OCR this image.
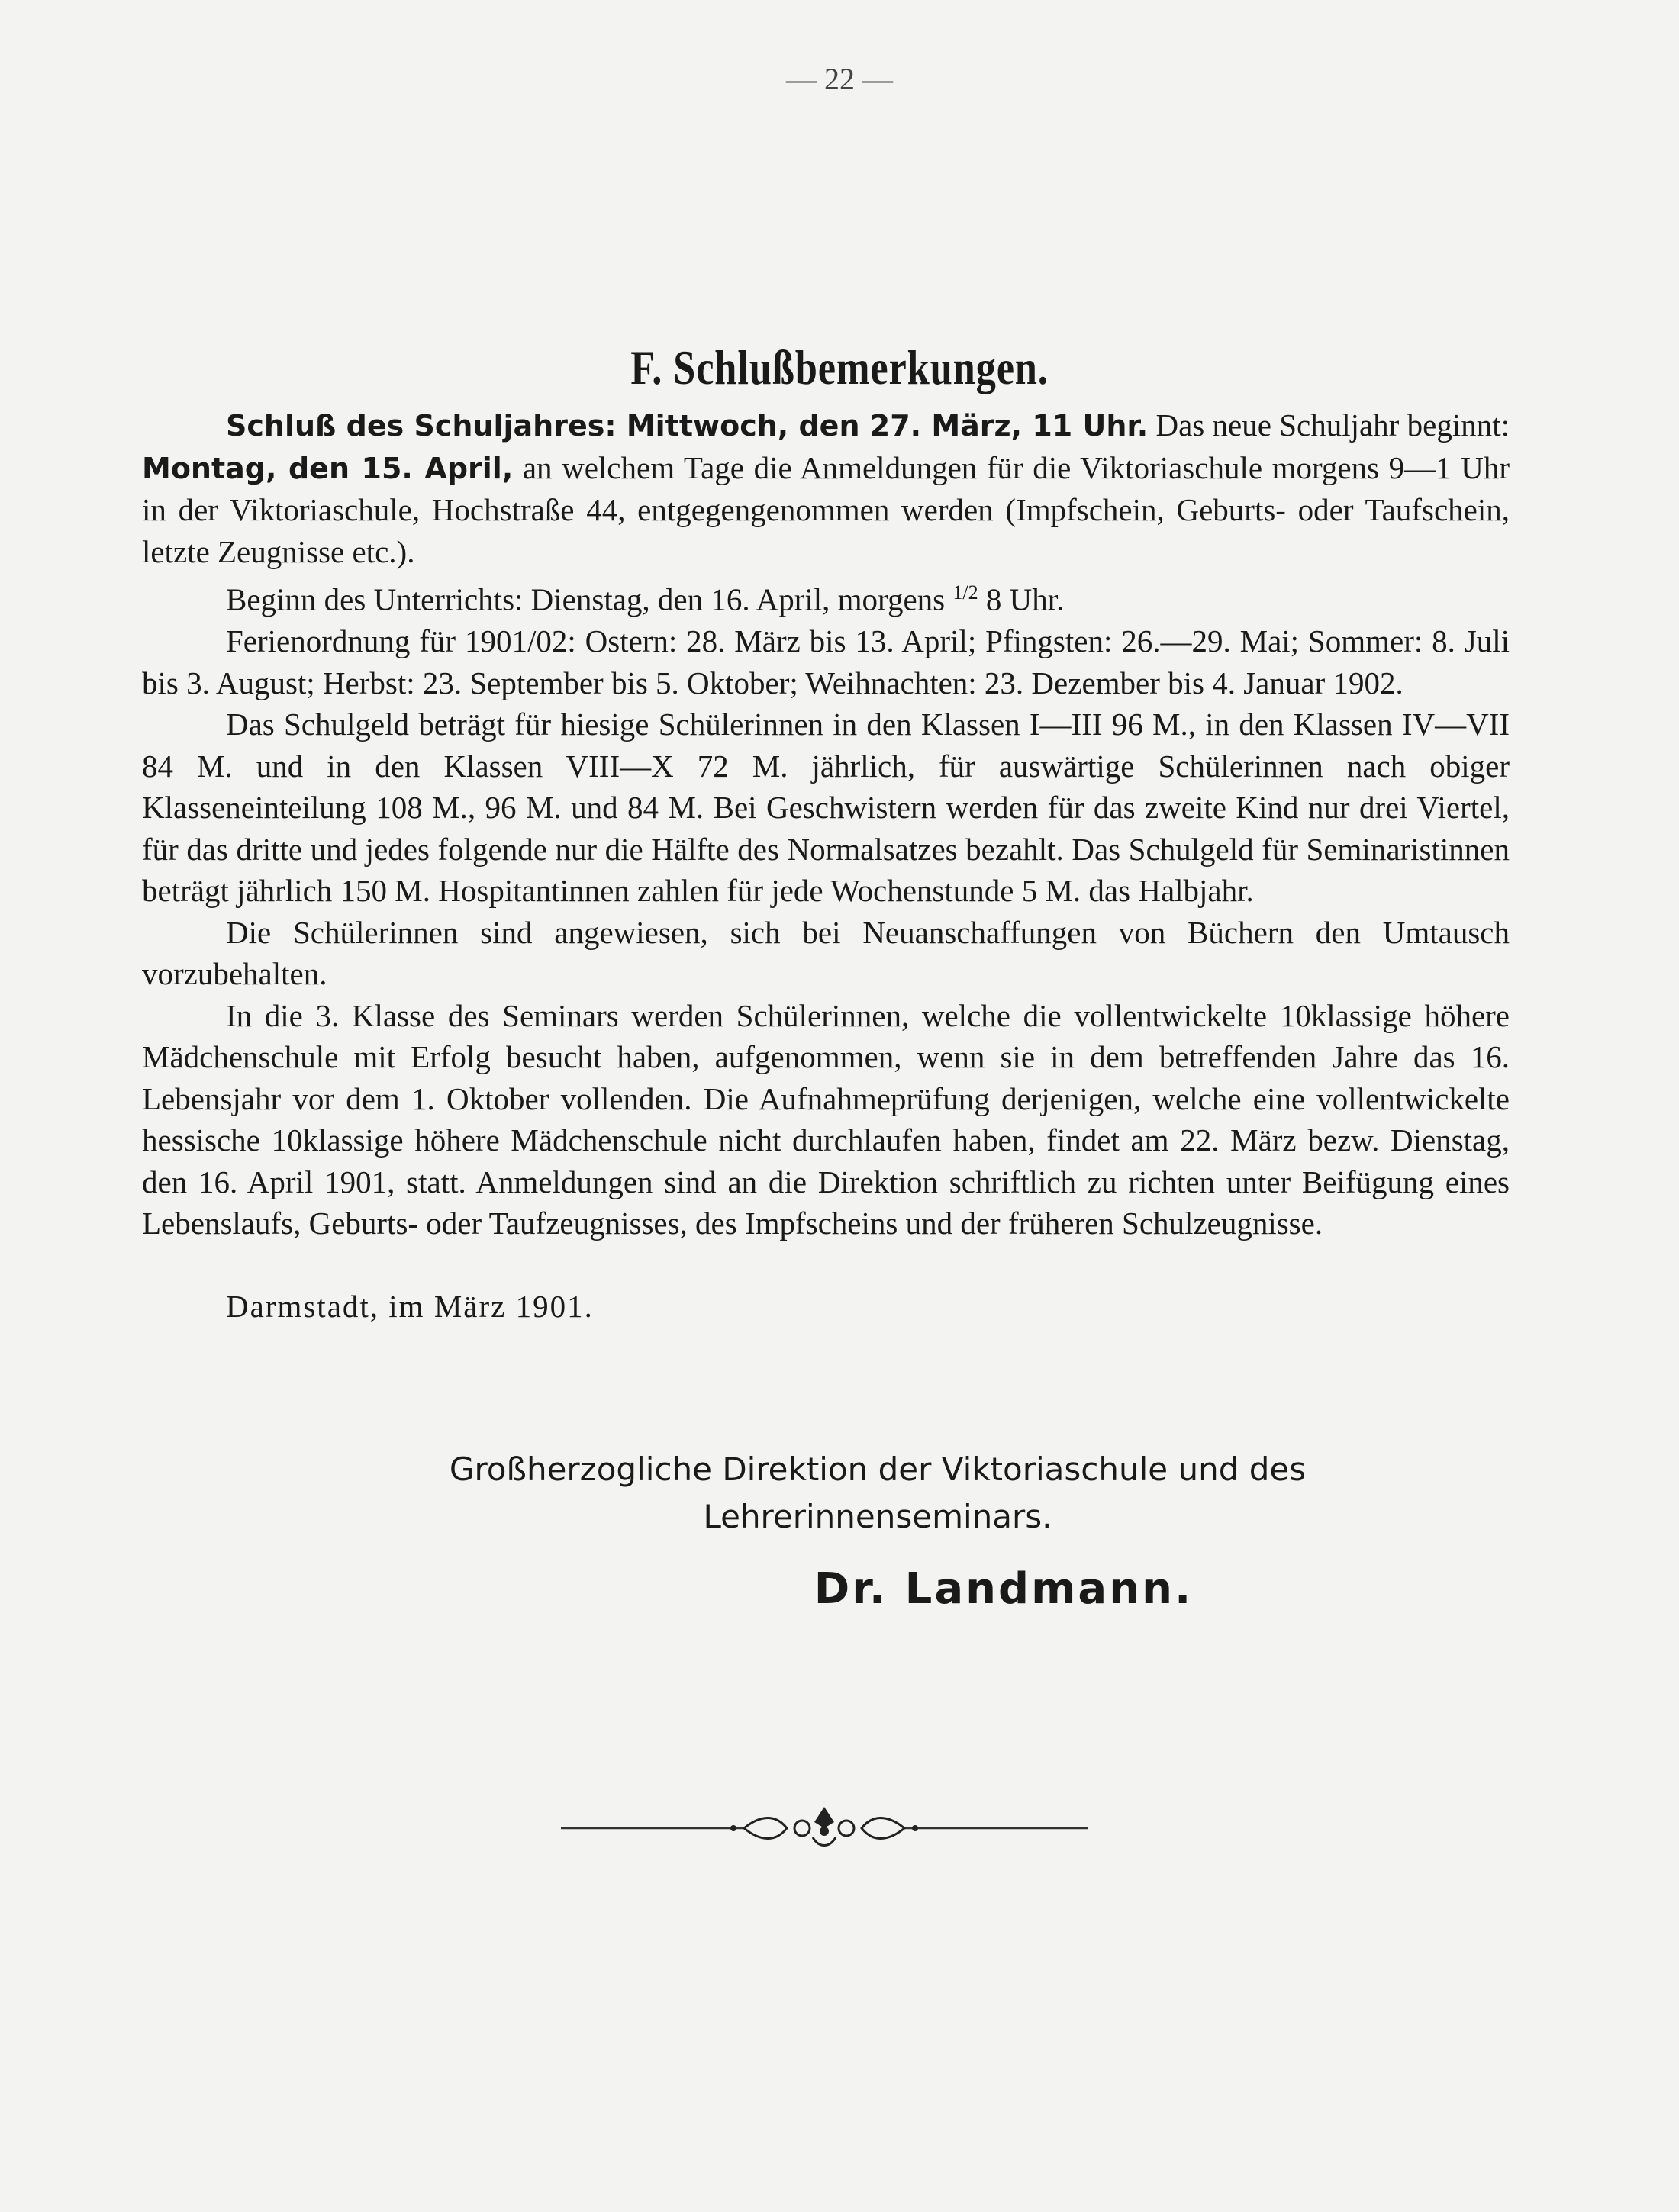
— 22 —
F. Schlußbemerkungen.

Schluß des Schuljahres: Mittwoch, den 27. März, 11 Uhr. Das neue Schuljahr beginnt: Montag, den 15. April, an welchem Tage die Anmeldungen für die Viktoriaschule morgens 9—1 Uhr in der Viktoriaschule, Hochstraße 44, entgegengenommen werden (Impfschein, Geburts- oder Taufschein, letzte Zeugnisse etc.).

Beginn des Unterrichts: Dienstag, den 16. April, morgens $^{1/2}$ 8 Uhr.

Ferienordnung für 1901/02: Ostern: 28. März bis 13. April; Pfingsten: 26.—29. Mai; Sommer: 8. Juli bis 3. August; Herbst: 23. September bis 5. Oktober; Weihnachten: 23. Dezember bis 4. Januar 1902.

Das Schulgeld beträgt für hiesige Schülerinnen in den Klassen I—III 96 M., in den Klassen IV—VII 84 M. und in den Klassen VIII—X 72 M. jährlich, für auswärtige Schülerinnen nach obiger Klasseneinteilung 108 M., 96 M. und 84 M. Bei Geschwistern werden für das zweite Kind nur drei Viertel, für das dritte und jedes folgende nur die Hälfte des Normalsatzes bezahlt. Das Schulgeld für Seminaristinnen beträgt jährlich 150 M. Hospitantinnen zahlen für jede Wochenstunde 5 M. das Halbjahr.

Die Schülerinnen sind angewiesen, sich bei Neuanschaffungen von Büchern den Umtausch vorzubehalten.

In die 3. Klasse des Seminars werden Schülerinnen, welche die vollentwickelte 10klassige höhere Mädchenschule mit Erfolg besucht haben, aufgenommen, wenn sie in dem betreffenden Jahre das 16. Lebensjahr vor dem 1. Oktober vollenden. Die Aufnahmeprüfung derjenigen, welche eine vollentwickelte hessische 10klassige höhere Mädchenschule nicht durchlaufen haben, findet am 22. März bezw. Dienstag, den 16. April 1901, statt. Anmeldungen sind an die Direktion schriftlich zu richten unter Beifügung eines Lebenslaufs, Geburts- oder Taufzeugnisses, des Impfscheins und der früheren Schulzeugnisse.

Darmstadt, im März 1901.

Großherzogliche Direktion der Viktoriaschule und des
Lehrerinnenseminars.
Dr. Landmann.
